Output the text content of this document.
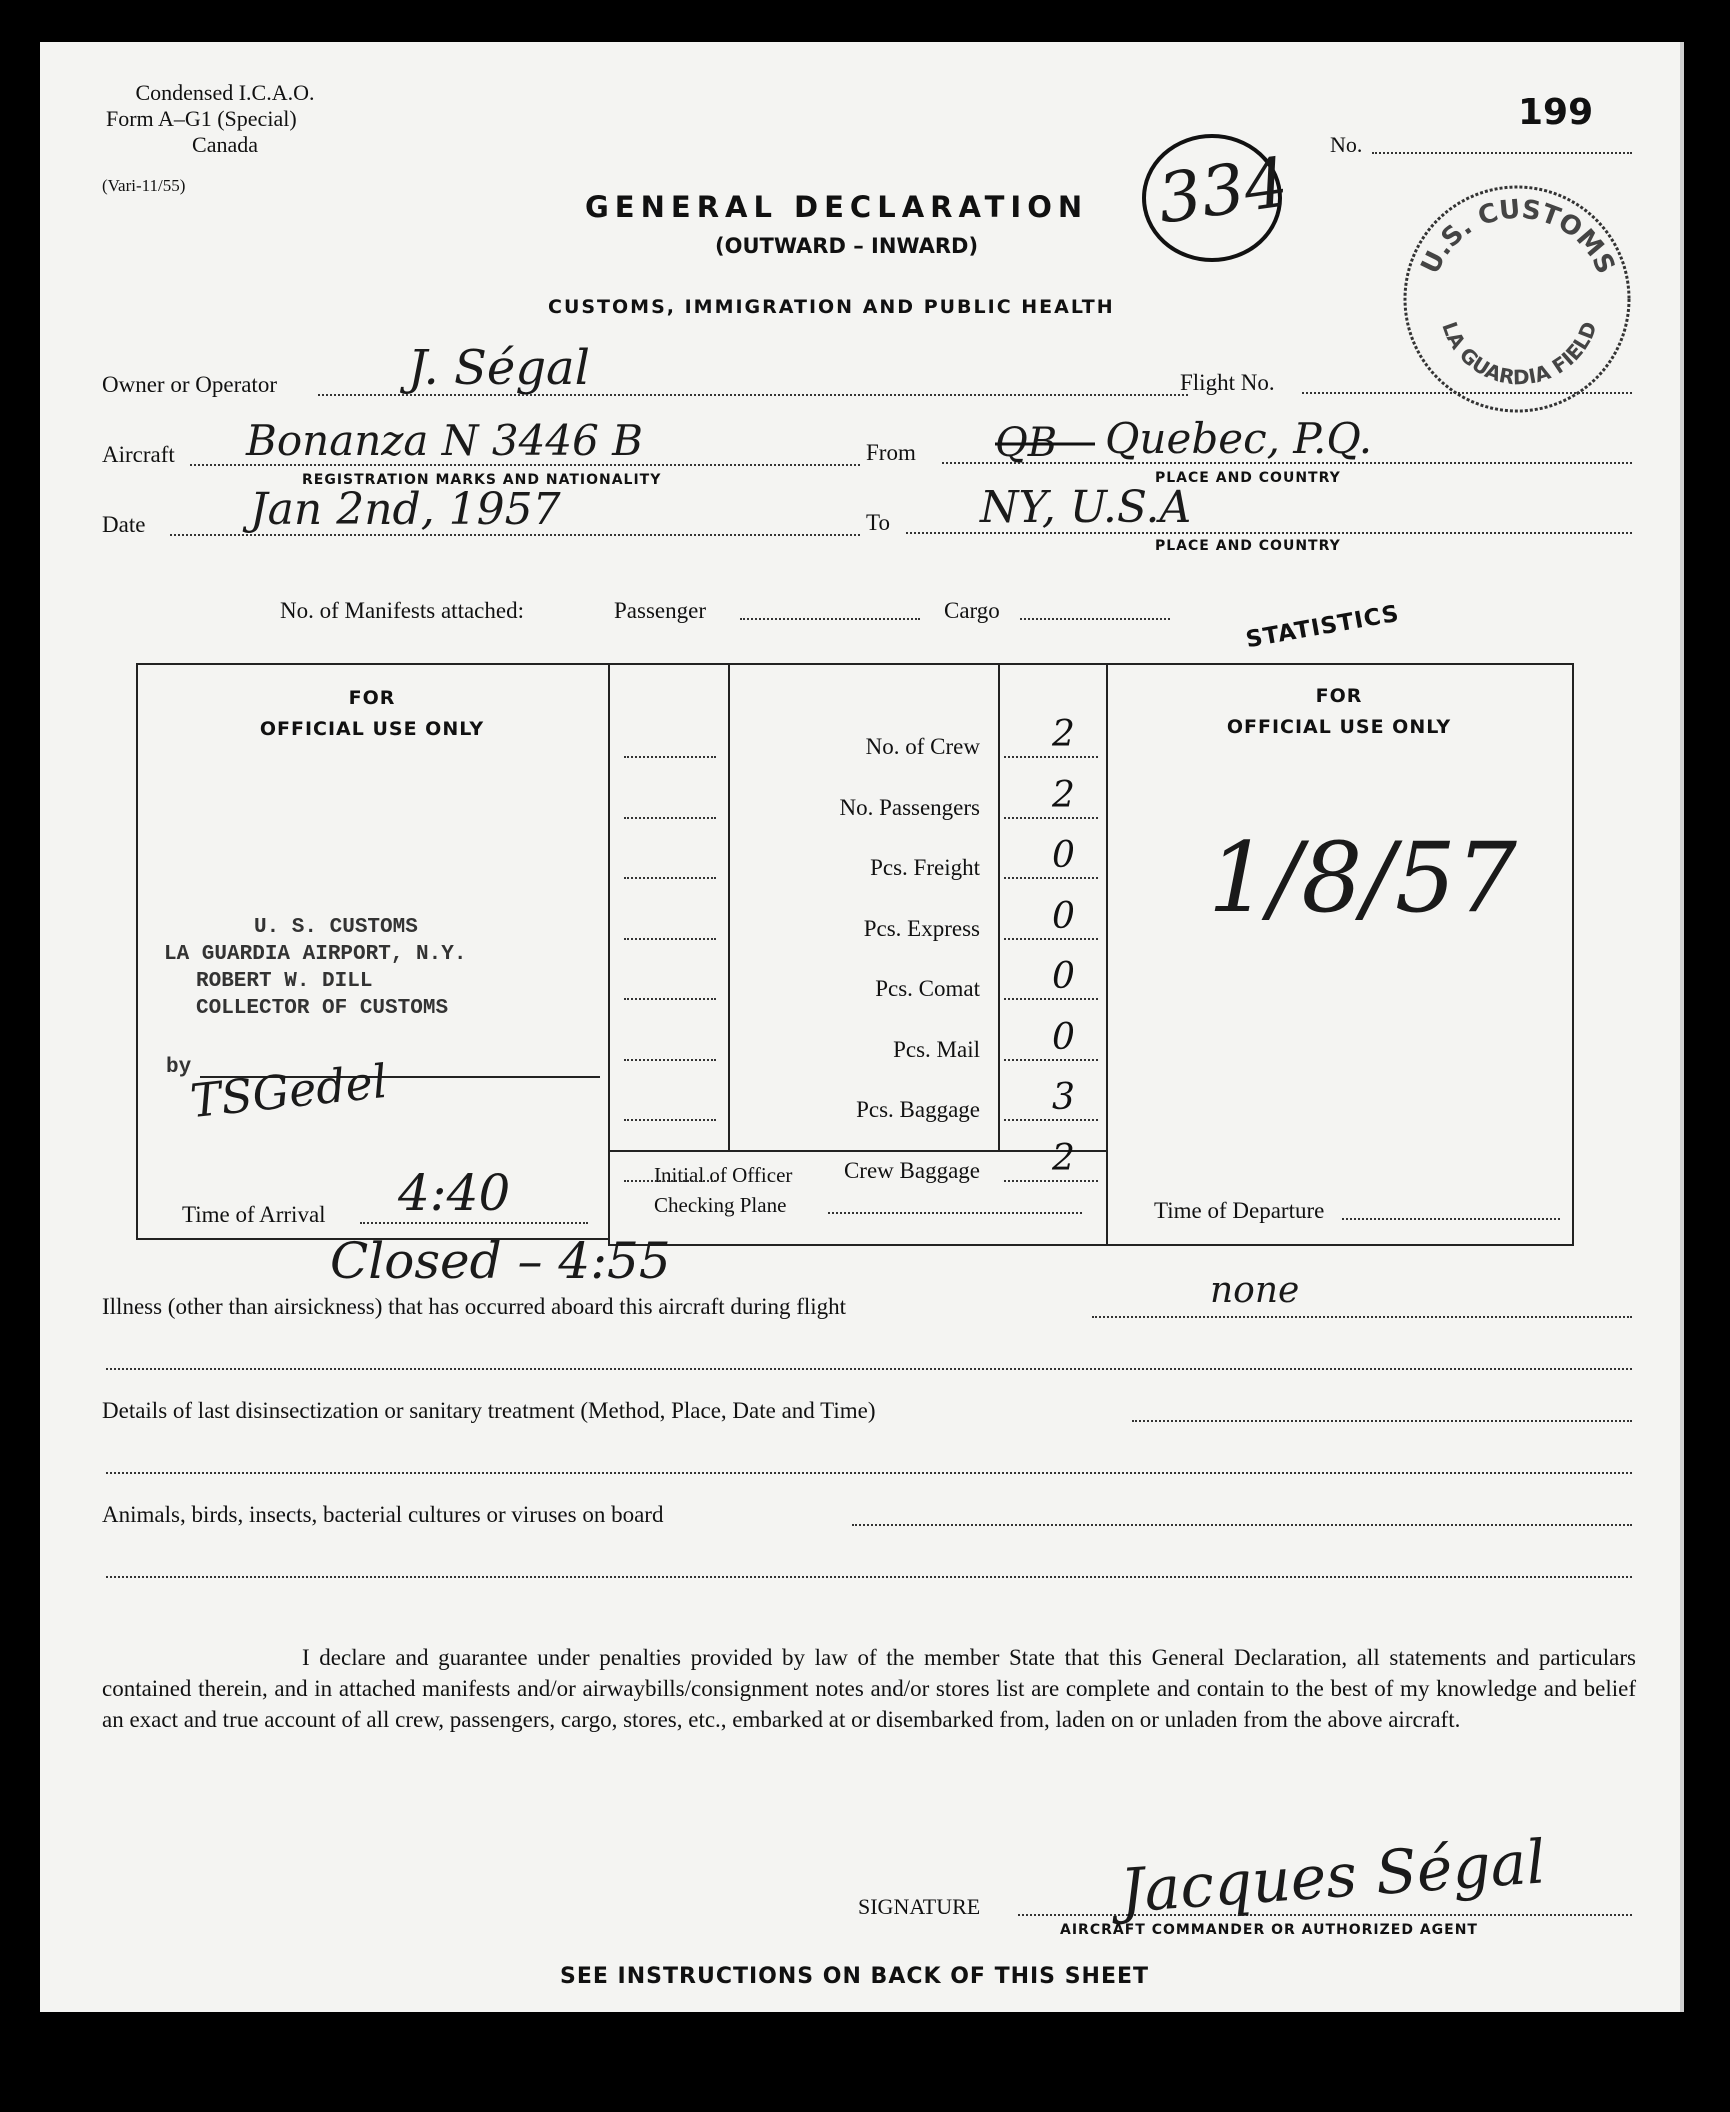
Condensed I.C.A.O.
Form A–G1 (Special)
Canada
(Vari-11/55)
199
No.
334
U.S. CUSTOMS
LA GUARDIA FIELD
GENERAL DECLARATION
(OUTWARD – INWARD)
CUSTOMS, IMMIGRATION AND PUBLIC HEALTH
Owner or Operator	J. Ségal	Flight No.
Aircraft Bonanza N 3446 B
REGISTRATION MARKS AND NATIONALITY
From	Quebec, P.Q.
QB
PLACE AND COUNTRY
Date Jan 2nd, 1957	To NY, U.S.A
PLACE AND COUNTRY
No. of Manifests attached:	Passenger	Cargo	STATISTICS
FOR
OFFICIAL USE ONLY
U. S. CUSTOMS
LA GUARDIA AIRPORT, N.Y.
ROBERT W. DILL
COLLECTOR OF CUSTOMS
by
TSGedel
Time of Arrival 4:40	Initial of Officer
Checking Plane
FOR
OFFICIAL USE ONLY
1/8/57
Time of Departure
Closed – 4:55
Illness (other than airsickness) that has occurred aboard this aircraft during flight	none
Details of last disinsectization or sanitary treatment (Method, Place, Date and Time)
Animals, birds, insects, bacterial cultures or viruses on board
I declare and guarantee under penalties provided by law of the member State that this General Declaration, all statements and particulars contained therein, and in attached manifests and/or airwaybills/consignment notes and/or stores list are complete and contain to the best of my knowledge and belief an exact and true account of all crew, passengers, cargo, stores, etc., embarked at or disembarked from, laden on or unladen from the above aircraft.
SIGNATURE Jacques Ségal
AIRCRAFT COMMANDER OR AUTHORIZED AGENT
SEE INSTRUCTIONS ON BACK OF THIS SHEET
No. of Crew 2
No. Passengers 2
Pcs. Freight 0
Pcs. Express 0
Pcs. Comat 0
Pcs. Mail 0
Pcs. Baggage 3
Crew Baggage 2
